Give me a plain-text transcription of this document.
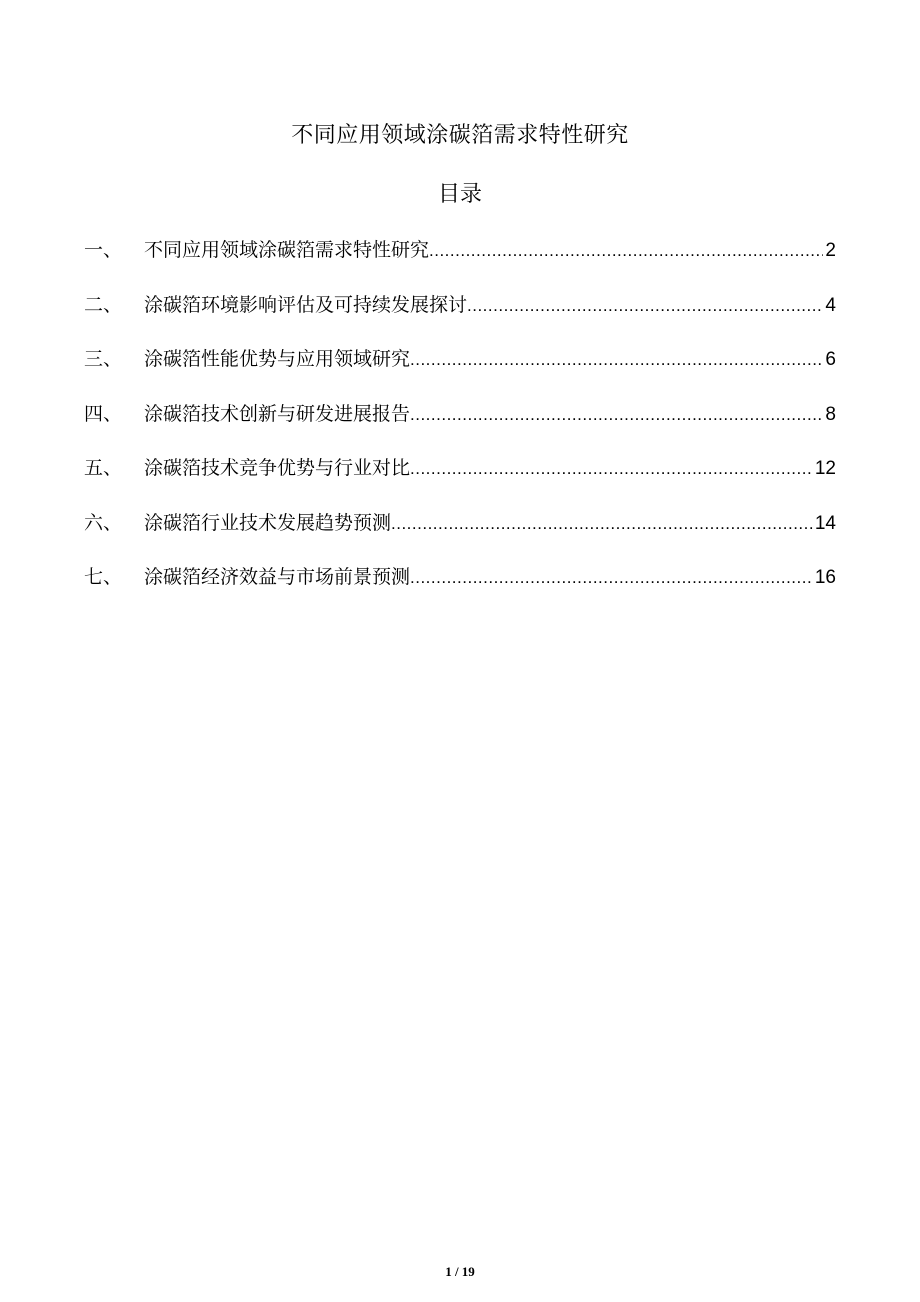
不同应用领域涂碳箔需求特性研究
目录
一、	不同应用领域涂碳箔需求特性研究 .....	2
二、	涂碳箔环境影响评估及可持续发展探讨 .....	4
三、	涂碳箔性能优势与应用领域研究 .....	6
四、	涂碳箔技术创新与研发进展报告 .....	8
五、	涂碳箔技术竞争优势与行业对比 .....	12
六、	涂碳箔行业技术发展趋势预测 .....	14
七、	涂碳箔经济效益与市场前景预测 .....	16
1 / 19
